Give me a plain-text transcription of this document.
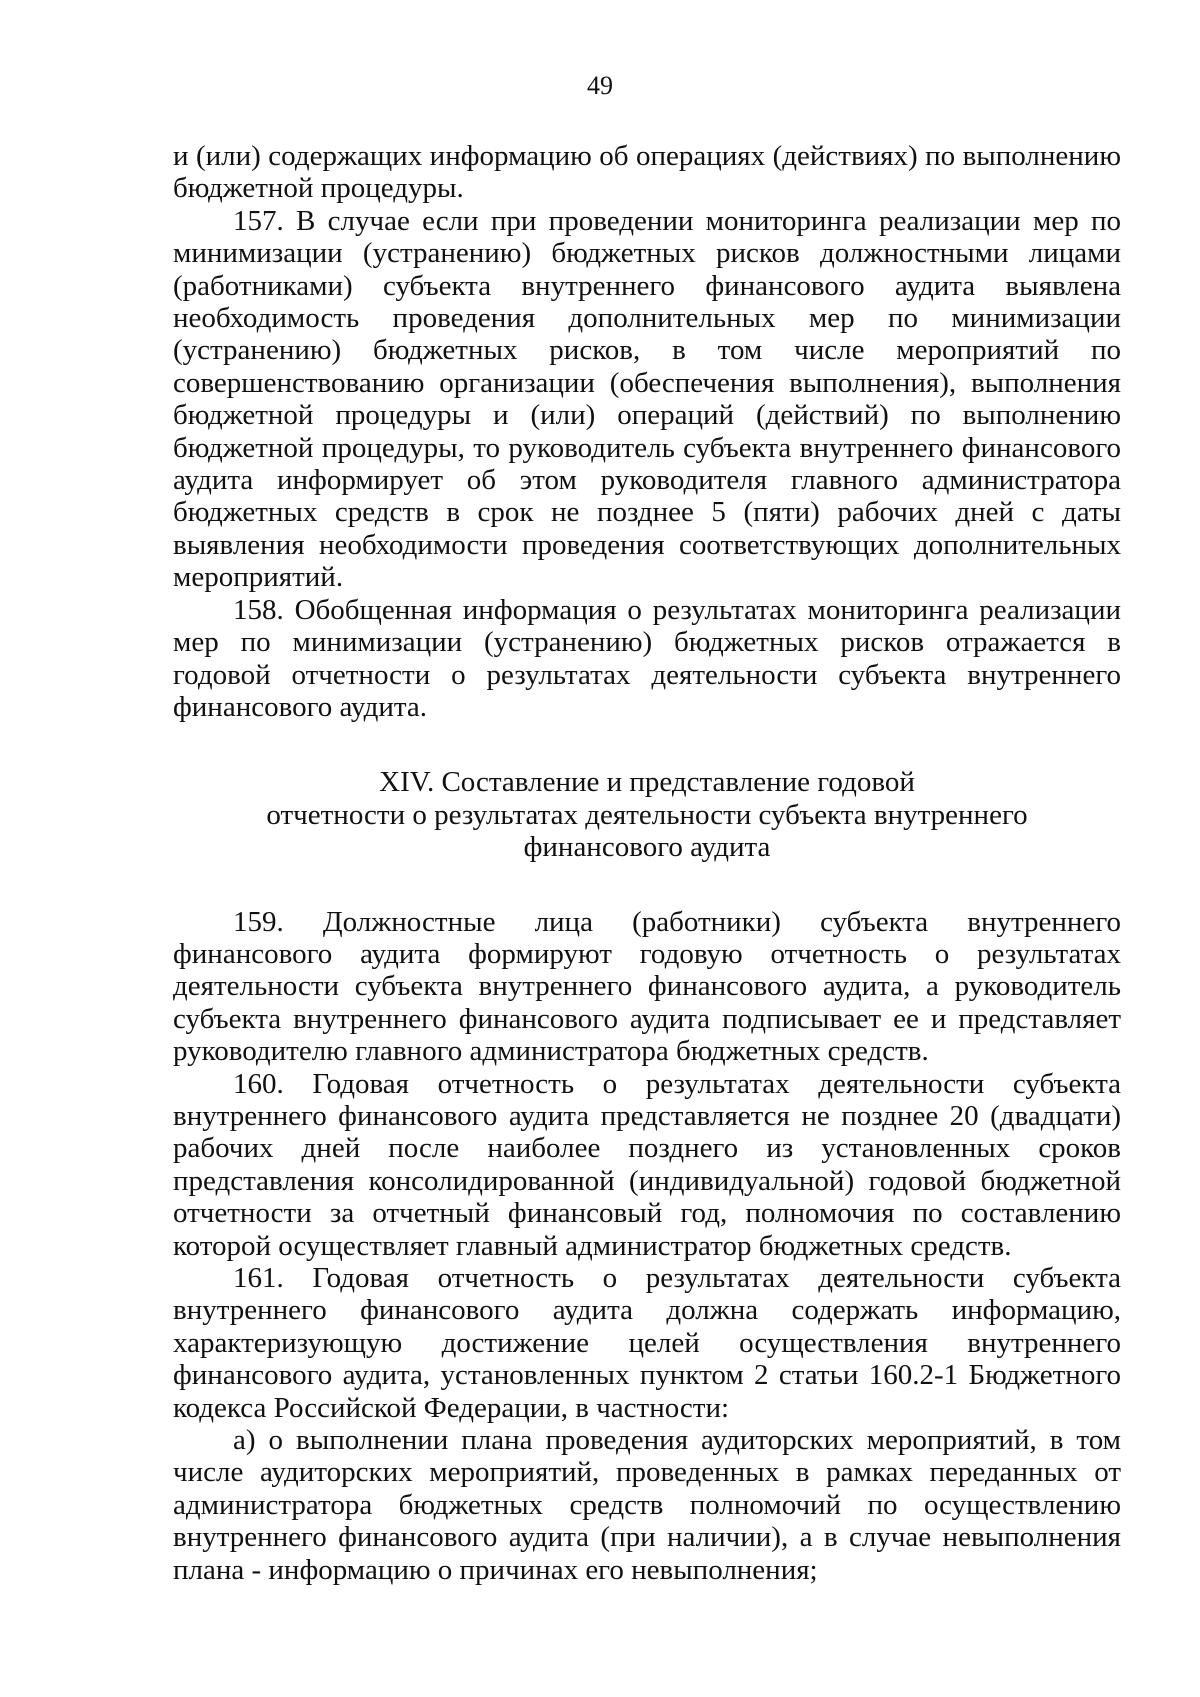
49

и (или) содержащих информацию об операциях (действиях) по выполнению бюджетной процедуры.

157. В случае если при проведении мониторинга реализации мер по минимизации (устранению) бюджетных рисков должностными лицами (работниками) субъекта внутреннего финансового аудита выявлена необходимость проведения дополнительных мер по минимизации (устранению) бюджетных рисков, в том числе мероприятий по совершенствованию организации (обеспечения выполнения), выполнения бюджетной процедуры и (или) операций (действий) по выполнению бюджетной процедуры, то руководитель субъекта внутреннего финансового аудита информирует об этом руководителя главного администратора бюджетных средств в срок не позднее 5 (пяти) рабочих дней с даты выявления необходимости проведения соответствующих дополнительных мероприятий.

158. Обобщенная информация о результатах мониторинга реализации мер по минимизации (устранению) бюджетных рисков отражается в годовой отчетности о результатах деятельности субъекта внутреннего финансового аудита.

XIV. Составление и представление годовой
отчетности о результатах деятельности субъекта внутреннего
финансового аудита

159. Должностные лица (работники) субъекта внутреннего финансового аудита формируют годовую отчетность о результатах деятельности субъекта внутреннего финансового аудита, а руководитель субъекта внутреннего финансового аудита подписывает ее и представляет руководителю главного администратора бюджетных средств.

160. Годовая отчетность о результатах деятельности субъекта внутреннего финансового аудита представляется не позднее 20 (двадцати) рабочих дней после наиболее позднего из установленных сроков представления консолидированной (индивидуальной) годовой бюджетной отчетности за отчетный финансовый год, полномочия по составлению которой осуществляет главный администратор бюджетных средств.

161. Годовая отчетность о результатах деятельности субъекта внутреннего финансового аудита должна содержать информацию, характеризующую достижение целей осуществления внутреннего финансового аудита, установленных пунктом 2 статьи 160.2-1 Бюджетного кодекса Российской Федерации, в частности:

а) о выполнении плана проведения аудиторских мероприятий, в том числе аудиторских мероприятий, проведенных в рамках переданных от администратора бюджетных средств полномочий по осуществлению внутреннего финансового аудита (при наличии), а в случае невыполнения плана - информацию о причинах его невыполнения;
